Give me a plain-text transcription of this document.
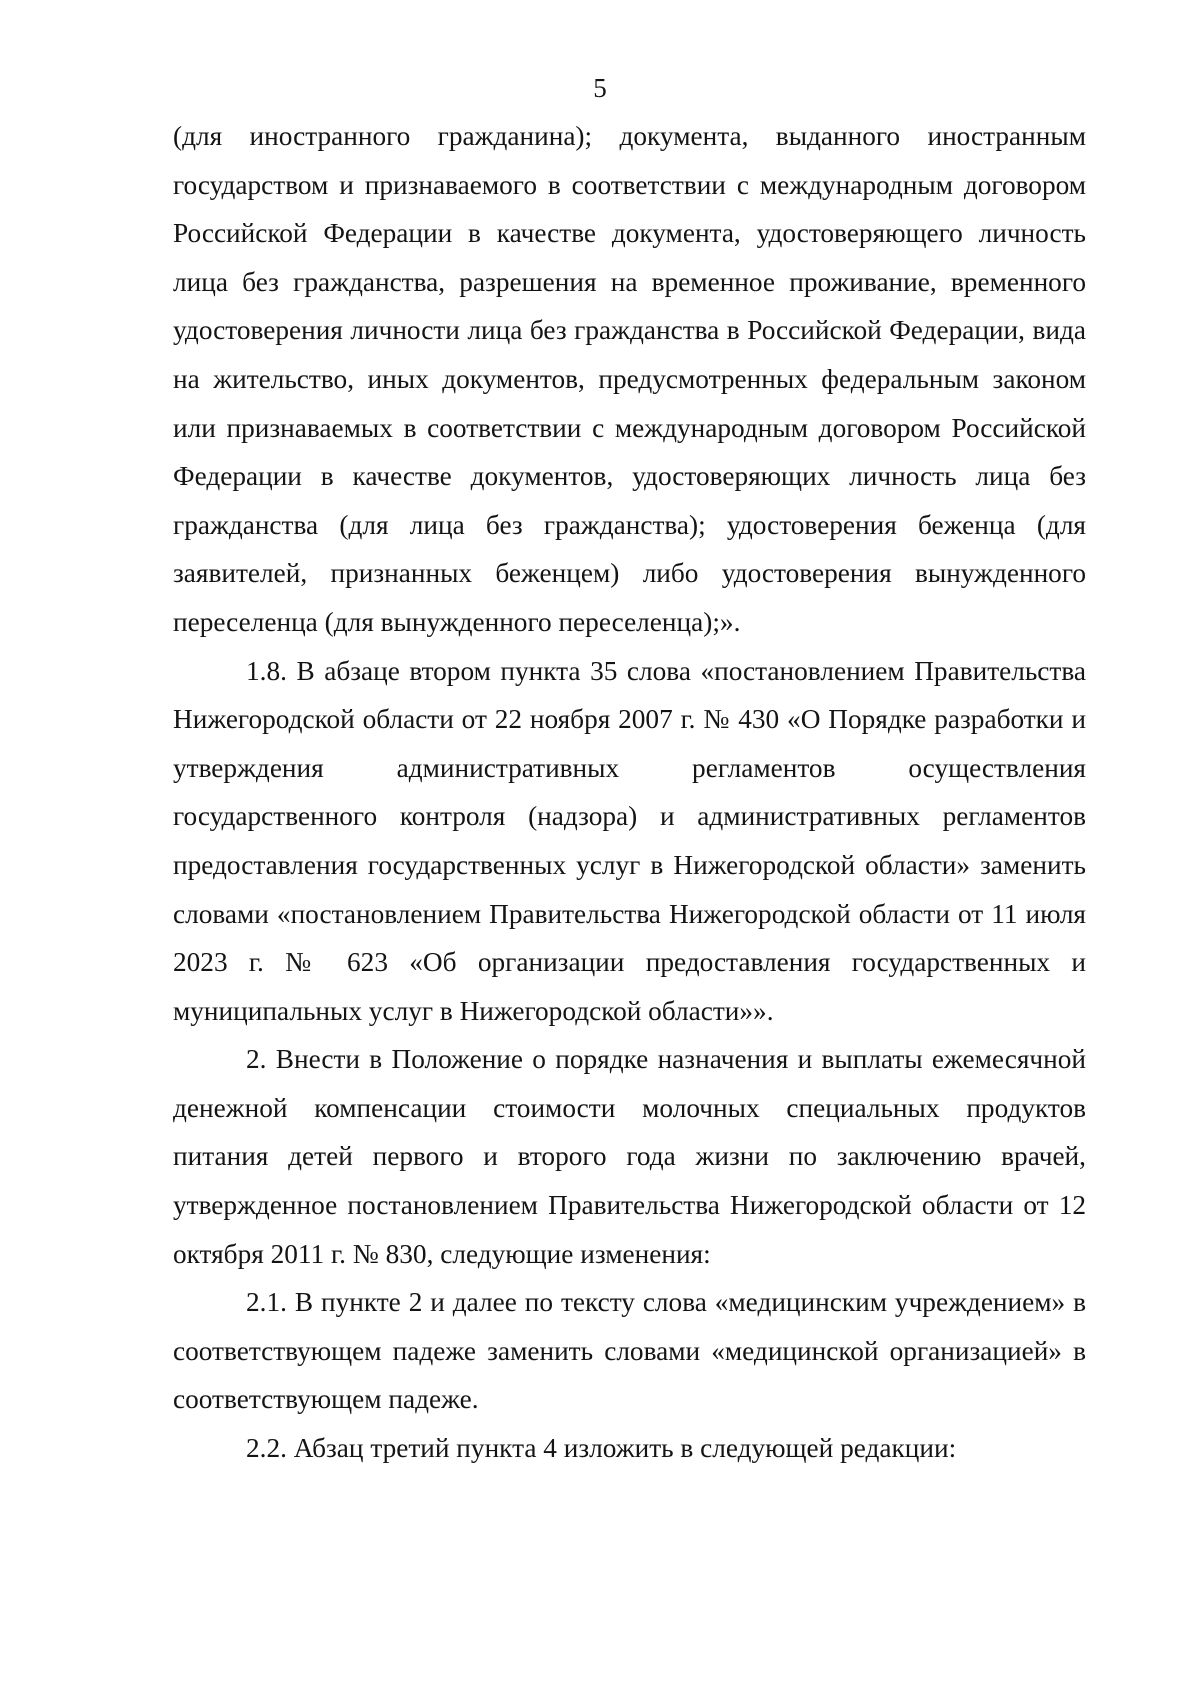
5

(для иностранного гражданина); документа, выданного иностранным государством и признаваемого в соответствии с международным договором Российской Федерации в качестве документа, удостоверяющего личность лица без гражданства, разрешения на временное проживание, временного удостоверения личности лица без гражданства в Российской Федерации, вида на жительство, иных документов, предусмотренных федеральным законом или признаваемых в соответствии с международным договором Российской Федерации в качестве документов, удостоверяющих личность лица без гражданства (для лица без гражданства); удостоверения беженца (для заявителей, признанных беженцем) либо удостоверения вынужденного переселенца (для вынужденного переселенца);».

1.8. В абзаце втором пункта 35 слова «постановлением Правительства Нижегородской области от 22 ноября 2007 г. № 430 «О Порядке разработки и утверждения административных регламентов осуществления государственного контроля (надзора) и административных регламентов предоставления государственных услуг в Нижегородской области» заменить словами «постановлением Правительства Нижегородской области от 11 июля 2023 г. № 623 «Об организации предоставления государственных и муниципальных услуг в Нижегородской области»».

2. Внести в Положение о порядке назначения и выплаты ежемесячной денежной компенсации стоимости молочных специальных продуктов питания детей первого и второго года жизни по заключению врачей, утвержденное постановлением Правительства Нижегородской области от 12 октября 2011 г. № 830, следующие изменения:

2.1. В пункте 2 и далее по тексту слова «медицинским учреждением» в соответствующем падеже заменить словами «медицинской организацией» в соответствующем падеже.

2.2. Абзац третий пункта 4 изложить в следующей редакции:
